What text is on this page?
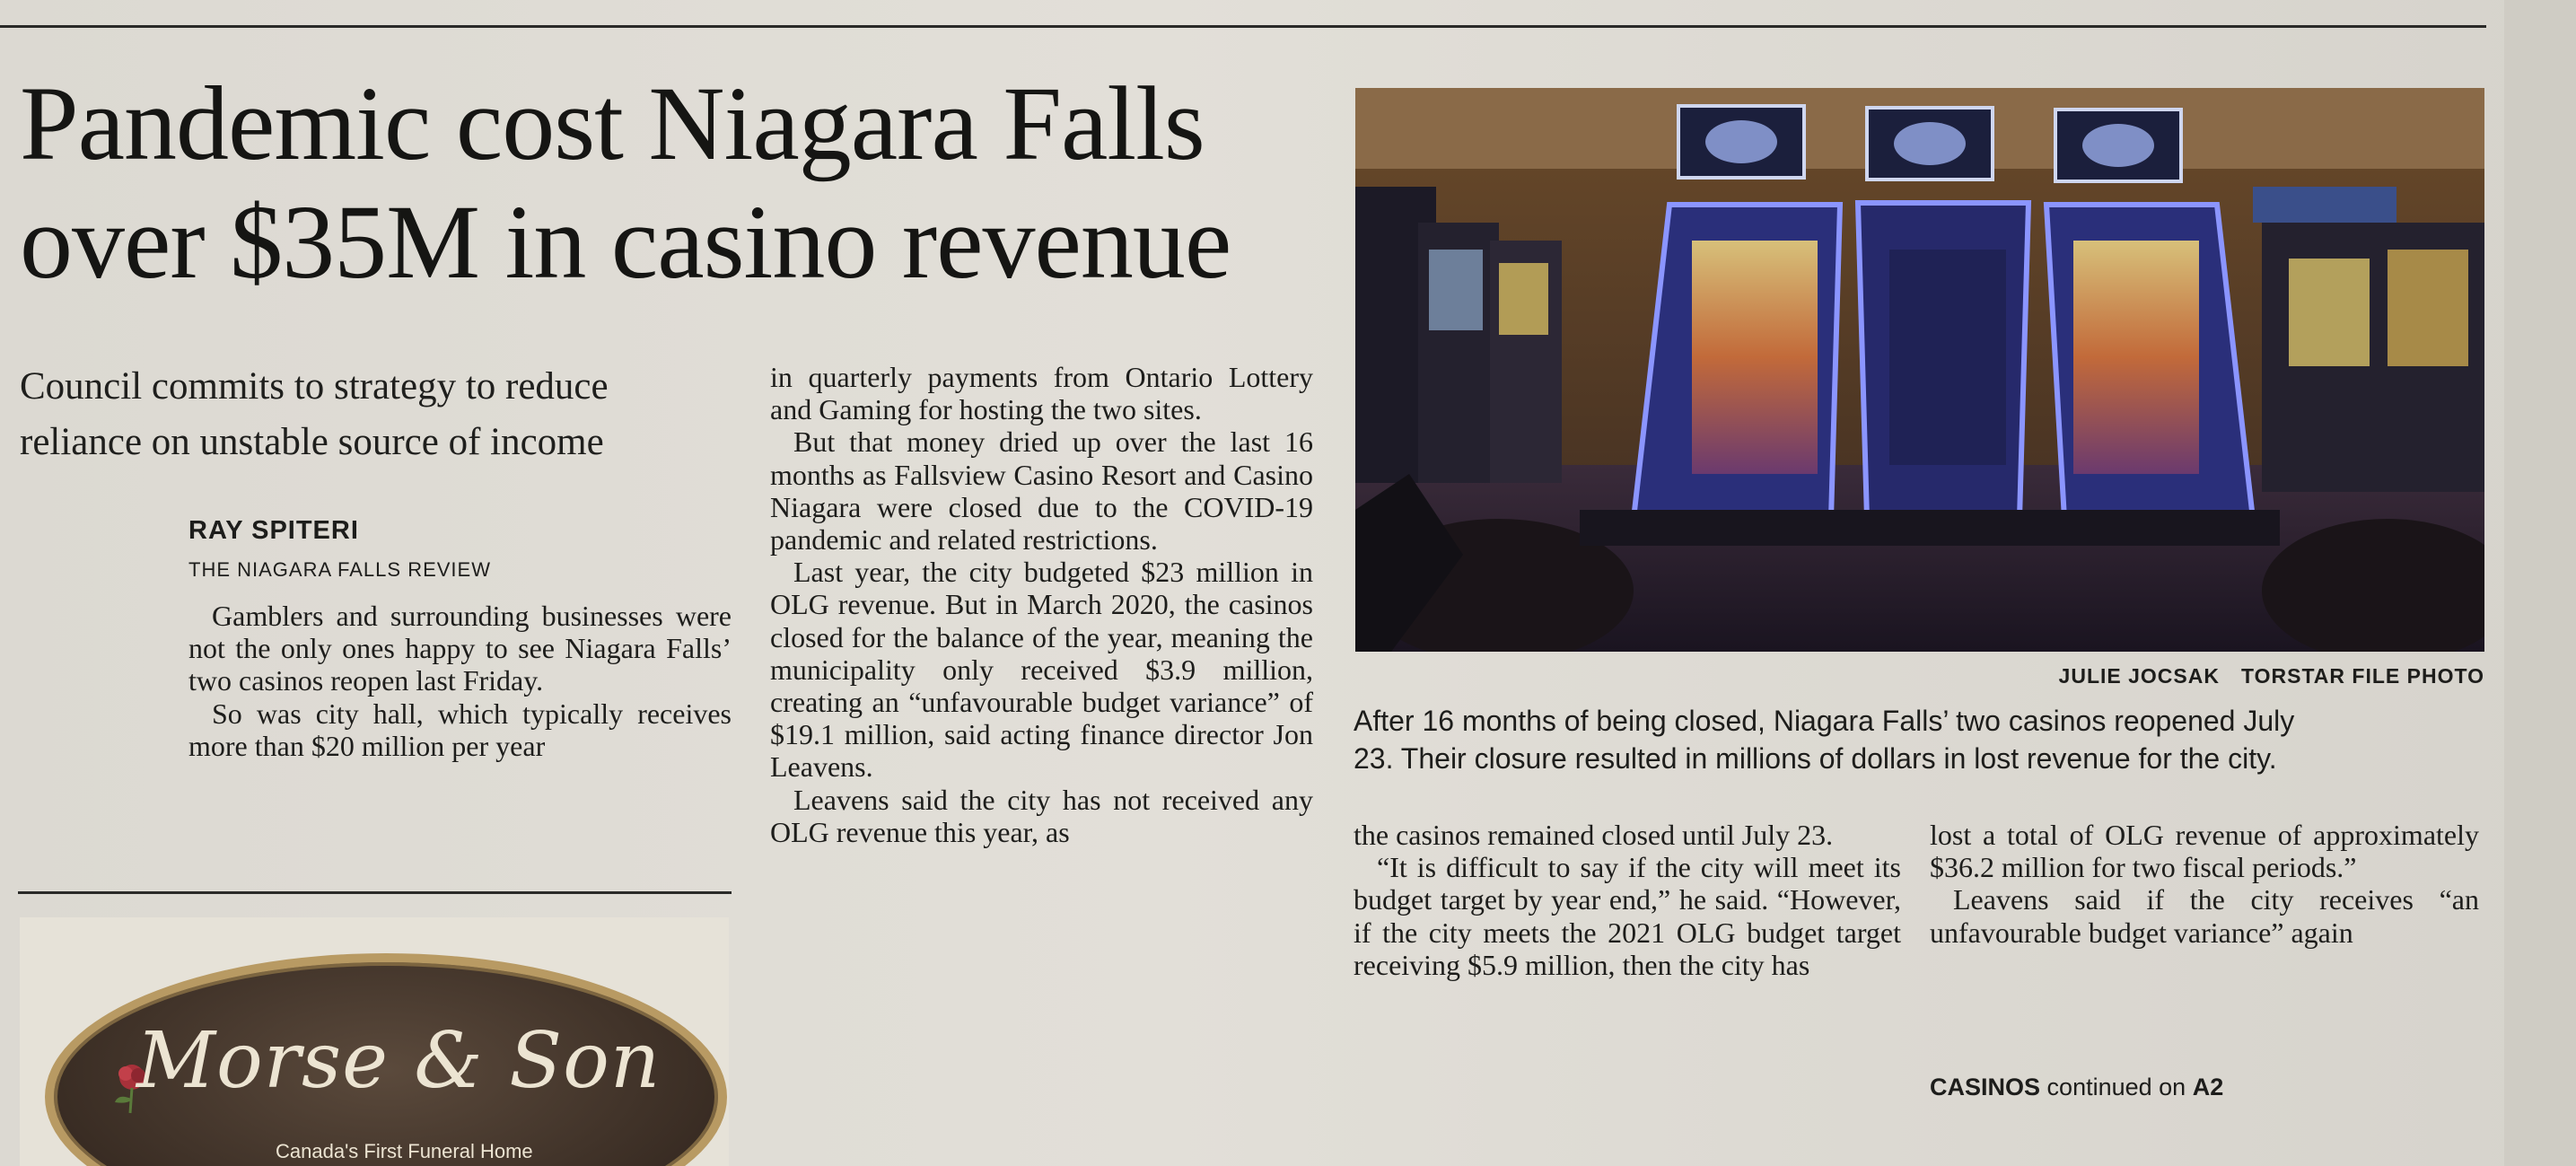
Pandemic cost Niagara Falls
over $35M in casino revenue
Council commits to strategy to reduce
reliance on unstable source of income
RAY SPITERI
THE NIAGARA FALLS REVIEW

Gamblers and surrounding businesses were not the only ones happy to see Niagara Falls’ two casinos reopen last Friday.

So was city hall, which typically receives more than $20 million per year

in quarterly payments from Ontario Lottery and Gaming for hosting the two sites.

But that money dried up over the last 16 months as Fallsview Casino Resort and Casino Niagara were closed due to the COVID-19 pandemic and related restrictions.

Last year, the city budgeted $23 million in OLG revenue. But in March 2020, the casinos closed for the balance of the year, meaning the municipality only received $3.9 million, creating an “unfavourable budget variance” of $19.1 million, said acting finance director Jon Leavens.

Leavens said the city has not received any OLG revenue this year, as

JULIE JOCSAK TORSTAR FILE PHOTO
After 16 months of being closed, Niagara Falls’ two casinos reopened July
23. Their closure resulted in millions of dollars in lost revenue for the city.

the casinos remained closed until July 23.

“It is difficult to say if the city will meet its budget target by year end,” he said. “However, if the city meets the 2021 OLG budget target receiving $5.9 million, then the city has

lost a total of OLG revenue of approximately $36.2 million for two fiscal periods.”

Leavens said if the city receives “an unfavourable budget variance” again

CASINOS continued on A2
Morse & Son
Canada's First Funeral Home
